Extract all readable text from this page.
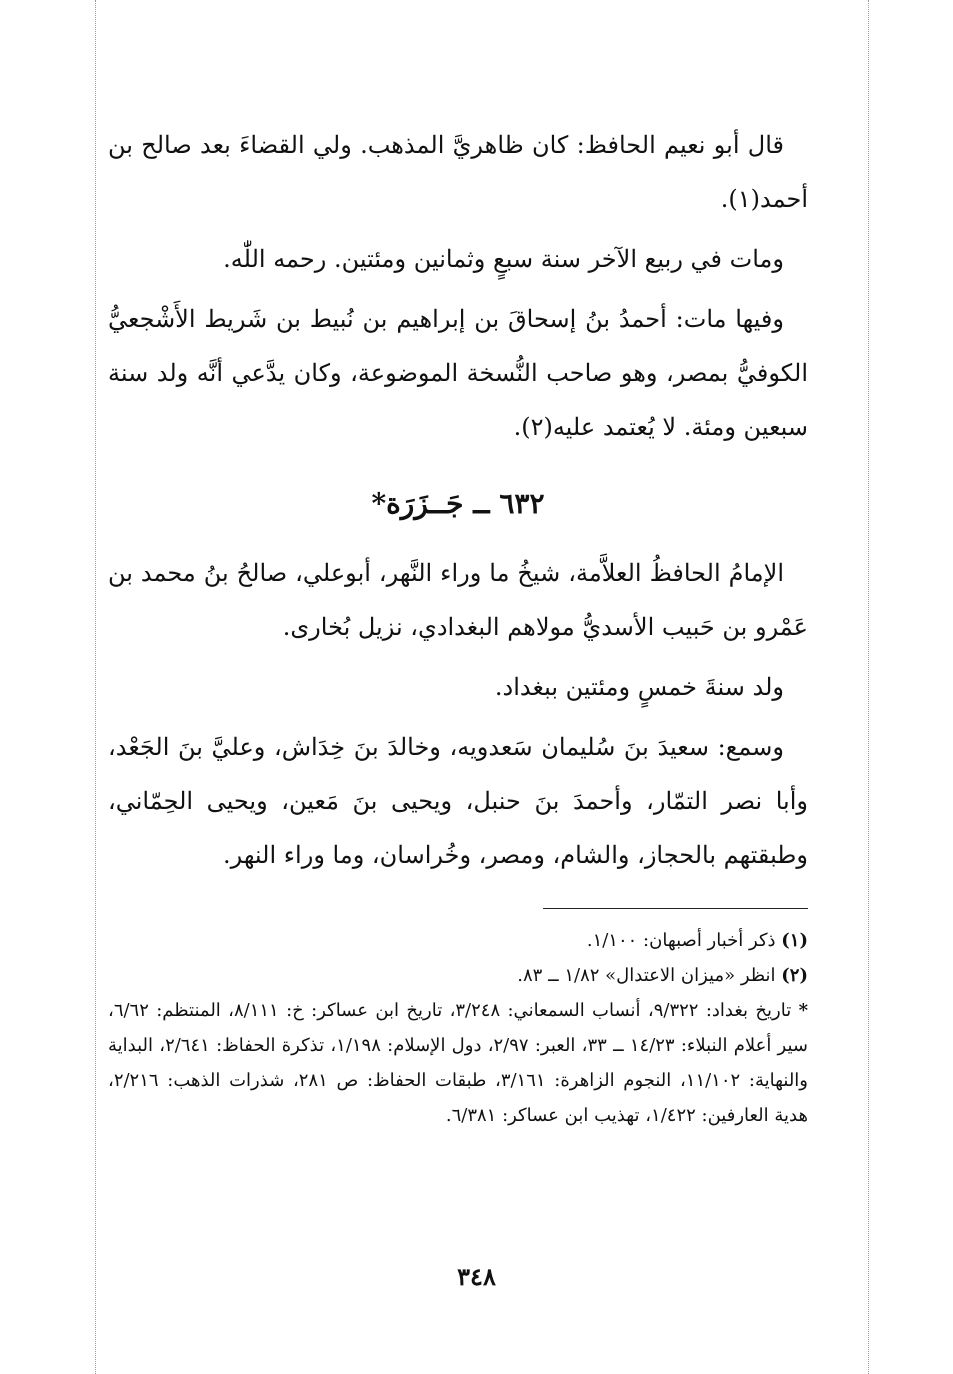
قال أبو نعيم الحافظ: كان ظاهريَّ المذهب. ولي القضاءَ بعد صالح بن أحمد(١).

ومات في ربيع الآخر سنة سبعٍ وثمانين ومئتين. رحمه اللّٰه.

وفيها مات: أحمدُ بنُ إسحاقَ بن إبراهيم بن نُبيط بن شَريط الأَشْجعيُّ الكوفيُّ بمصر، وهو صاحب النُّسخة الموضوعة، وكان يدَّعي أنَّه ولد سنة سبعين ومئة. لا يُعتمد عليه(٢).

٦٣٢ ــ جَــزَرَة*

الإمامُ الحافظُ العلاَّمة، شيخُ ما وراء النَّهر، أبوعلي، صالحُ بنُ محمد بن عَمْرو بن حَبيب الأسديُّ مولاهم البغدادي، نزيل بُخارى.

ولد سنةَ خمسٍ ومئتين ببغداد.

وسمع: سعيدَ بنَ سُليمان سَعدويه، وخالدَ بنَ خِدَاش، وعليَّ بنَ الجَعْد، وأبا نصر التمّار، وأحمدَ بنَ حنبل، ويحيى بنَ مَعين، ويحيى الحِمّاني، وطبقتهم بالحجاز، والشام، ومصر، وخُراسان، وما وراء النهر.

(١) ذكر أخبار أصبهان: ١/١٠٠.

(٢) انظر «ميزان الاعتدال» ١/٨٢ ــ ٨٣.

* تاريخ بغداد: ٩/٣٢٢، أنساب السمعاني: ٣/٢٤٨، تاريخ ابن عساكر: خ: ٨/١١١، المنتظم: ٦/٦٢، سير أعلام النبلاء: ١٤/٢٣ ــ ٣٣، العبر: ٢/٩٧، دول الإسلام: ١/١٩٨، تذكرة الحفاظ: ٢/٦٤١، البداية والنهاية: ١١/١٠٢، النجوم الزاهرة: ٣/١٦١، طبقات الحفاظ: ص ٢٨١، شذرات الذهب: ٢/٢١٦، هدية العارفين: ١/٤٢٢، تهذيب ابن عساكر: ٦/٣٨١.

٣٤٨
